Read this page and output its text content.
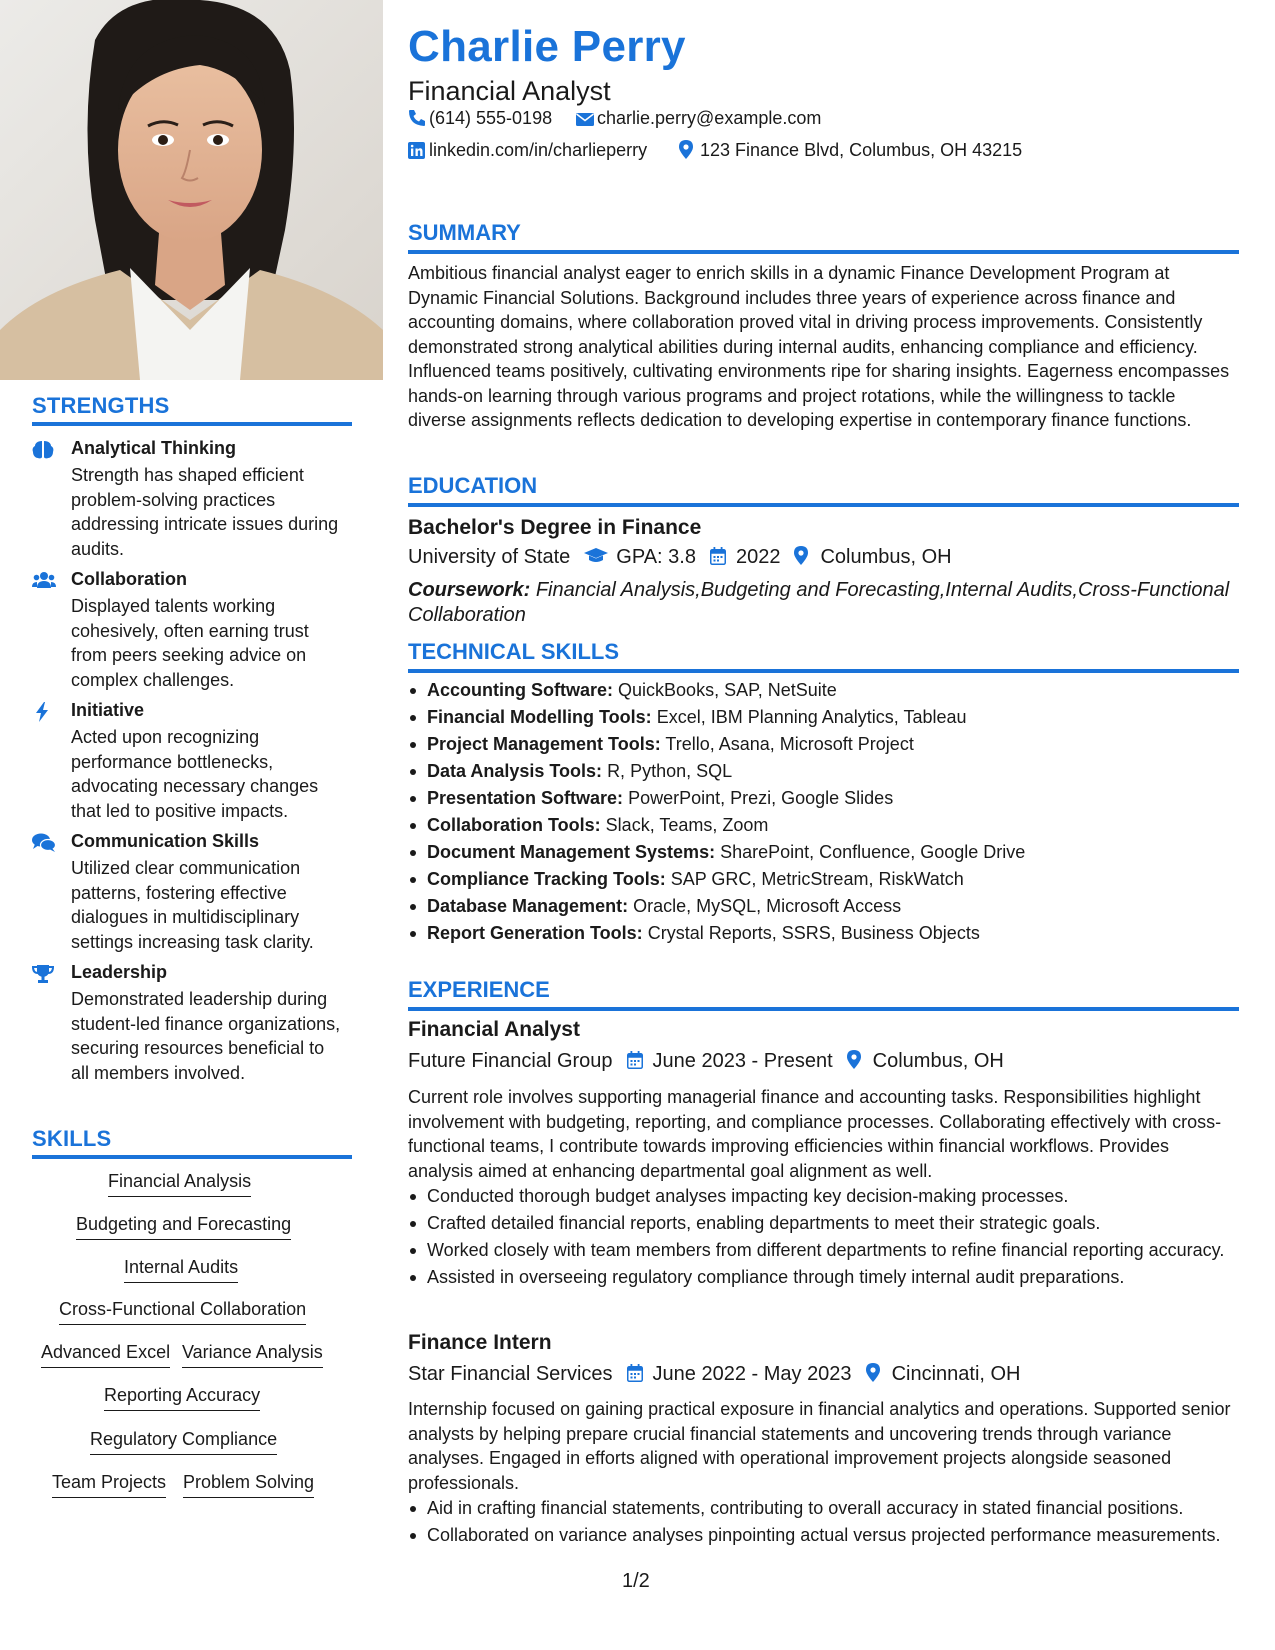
STRENGTHS
Analytical Thinking
Strength has shaped efficient problem-solving practices addressing intricate issues during audits.
Collaboration
Displayed talents working cohesively, often earning trust from peers seeking advice on complex challenges.
Initiative
Acted upon recognizing performance bottlenecks, advocating necessary changes that led to positive impacts.
Communication Skills
Utilized clear communication patterns, fostering effective dialogues in multidisciplinary settings increasing task clarity.
Leadership
Demonstrated leadership during student-led finance organizations, securing resources beneficial to all members involved.
SKILLS
Financial Analysis
Budgeting and Forecasting
Internal Audits
Cross-Functional Collaboration
Advanced Excel Variance Analysis
Reporting Accuracy
Regulatory Compliance
Team Projects Problem Solving
Charlie Perry
Financial Analyst
(614) 555-0198	charlie.perry@example.com
linkedin.com/in/charlieperry	123 Finance Blvd, Columbus, OH 43215
SUMMARY
Ambitious financial analyst eager to enrich skills in a dynamic Finance Development Program at Dynamic Financial Solutions. Background includes three years of experience across finance and accounting domains, where collaboration proved vital in driving process improvements. Consistently demonstrated strong analytical abilities during internal audits, enhancing compliance and efficiency. Influenced teams positively, cultivating environments ripe for sharing insights. Eagerness encompasses hands-on learning through various programs and project rotations, while the willingness to tackle diverse assignments reflects dedication to developing expertise in contemporary finance functions.
EDUCATION
Bachelor's Degree in Finance
University of State GPA: 3.8 2022 Columbus, OH
Coursework: Financial Analysis,Budgeting and Forecasting,Internal Audits,Cross-Functional Collaboration
TECHNICAL SKILLS
Accounting Software: QuickBooks, SAP, NetSuite
Financial Modelling Tools: Excel, IBM Planning Analytics, Tableau
Project Management Tools: Trello, Asana, Microsoft Project
Data Analysis Tools: R, Python, SQL
Presentation Software: PowerPoint, Prezi, Google Slides
Collaboration Tools: Slack, Teams, Zoom
Document Management Systems: SharePoint, Confluence, Google Drive
Compliance Tracking Tools: SAP GRC, MetricStream, RiskWatch
Database Management: Oracle, MySQL, Microsoft Access
Report Generation Tools: Crystal Reports, SSRS, Business Objects
EXPERIENCE
Financial Analyst
Future Financial Group June 2023 - Present Columbus, OH
Current role involves supporting managerial finance and accounting tasks. Responsibilities highlight involvement with budgeting, reporting, and compliance processes. Collaborating effectively with cross-functional teams, I contribute towards improving efficiencies within financial workflows. Provides analysis aimed at enhancing departmental goal alignment as well.
Conducted thorough budget analyses impacting key decision-making processes.
Crafted detailed financial reports, enabling departments to meet their strategic goals.
Worked closely with team members from different departments to refine financial reporting accuracy.
Assisted in overseeing regulatory compliance through timely internal audit preparations.
Finance Intern
Star Financial Services June 2022 - May 2023 Cincinnati, OH
Internship focused on gaining practical exposure in financial analytics and operations. Supported senior analysts by helping prepare crucial financial statements and uncovering trends through variance analyses. Engaged in efforts aligned with operational improvement projects alongside seasoned professionals.
Aid in crafting financial statements, contributing to overall accuracy in stated financial positions.
Collaborated on variance analyses pinpointing actual versus projected performance measurements.
1/2
